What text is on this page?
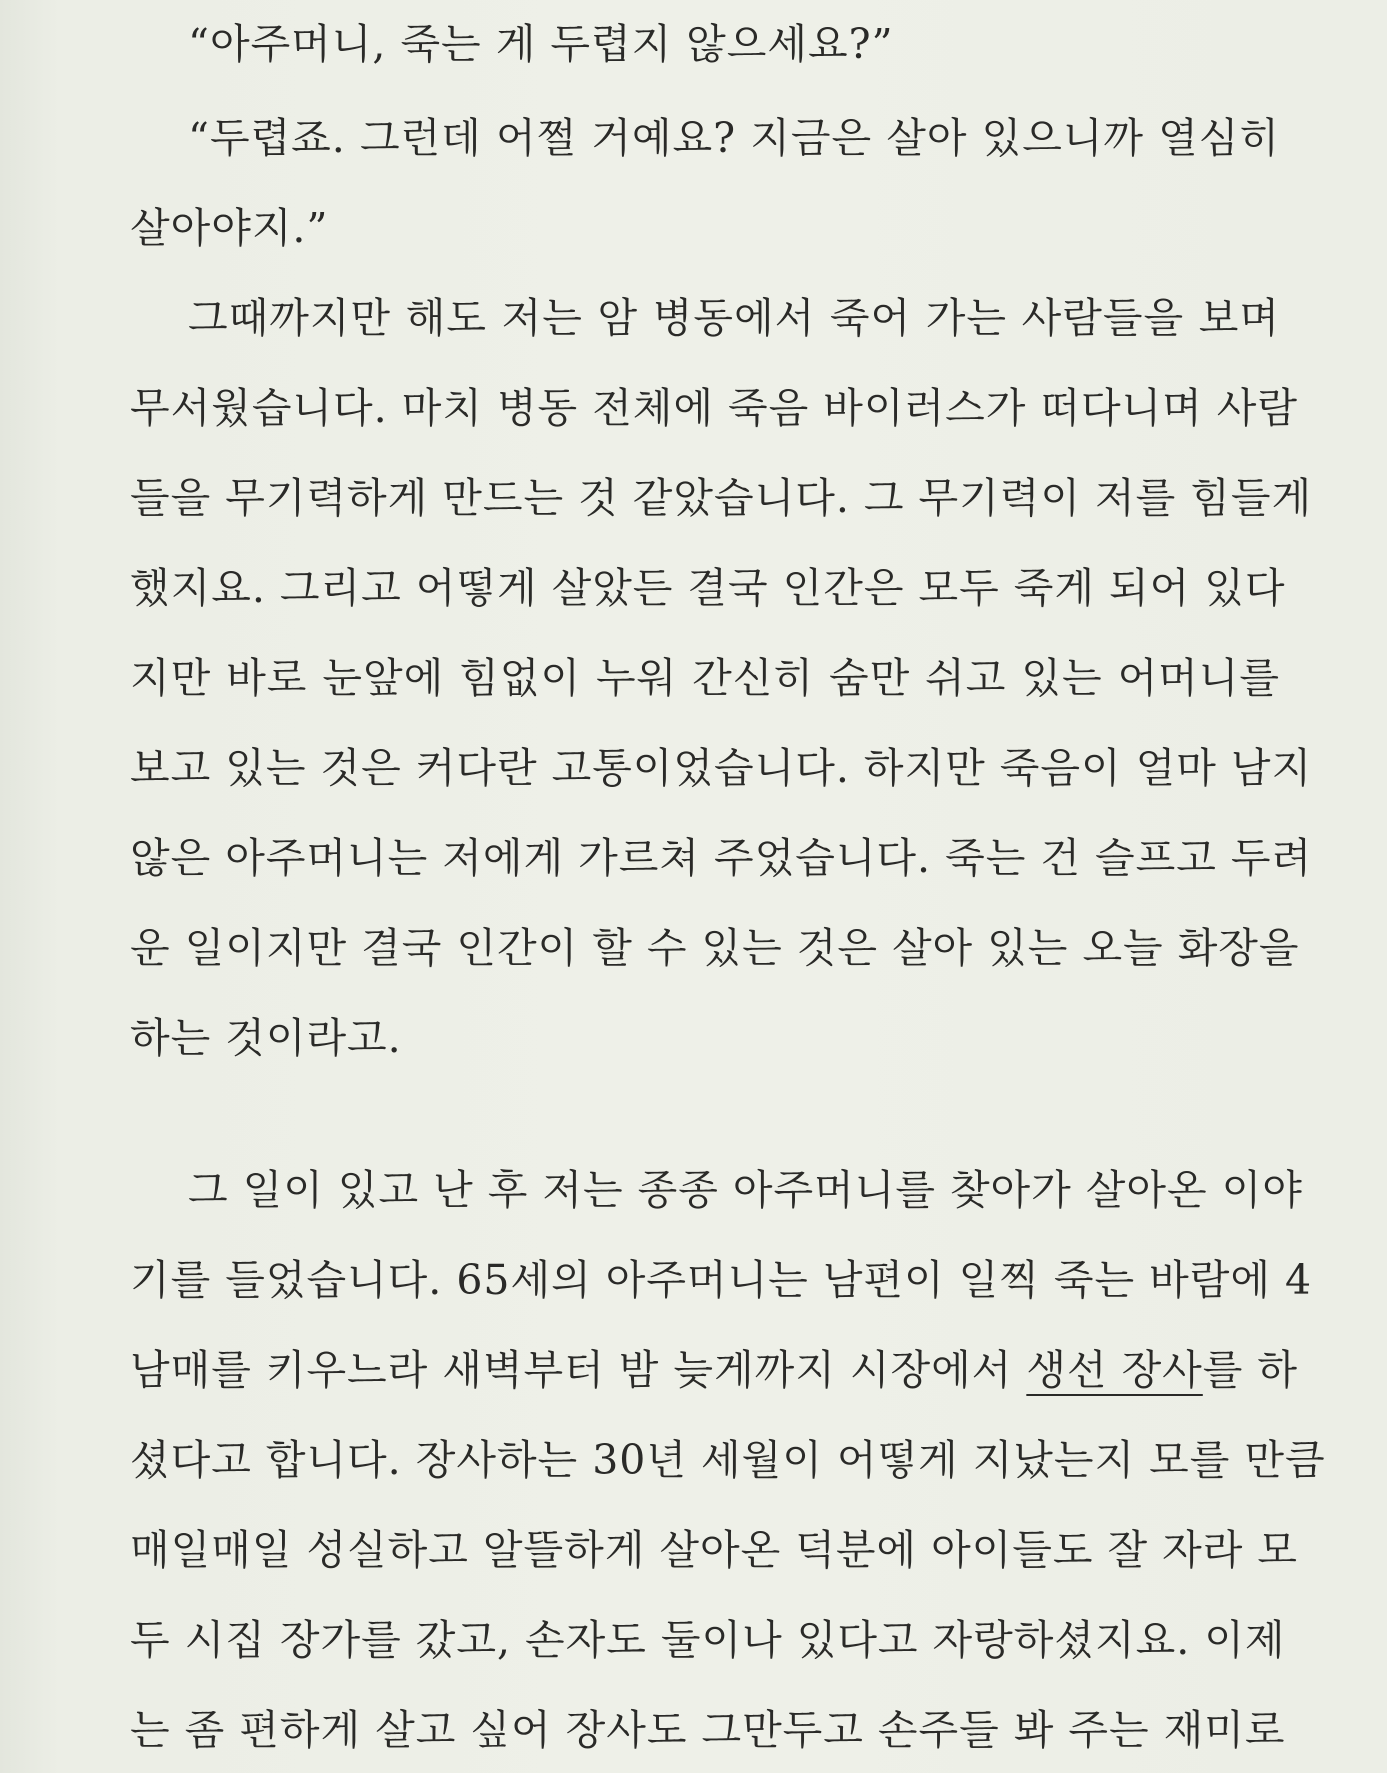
“아주머니, 죽는 게 두렵지 않으세요?”
“두렵죠. 그런데 어쩔 거예요? 지금은 살아 있으니까 열심히
살아야지.”
그때까지만 해도 저는 암 병동에서 죽어 가는 사람들을 보며
무서웠습니다. 마치 병동 전체에 죽음 바이러스가 떠다니며 사람
들을 무기력하게 만드는 것 같았습니다. 그 무기력이 저를 힘들게
했지요. 그리고 어떻게 살았든 결국 인간은 모두 죽게 되어 있다
지만 바로 눈앞에 힘없이 누워 간신히 숨만 쉬고 있는 어머니를
보고 있는 것은 커다란 고통이었습니다. 하지만 죽음이 얼마 남지
않은 아주머니는 저에게 가르쳐 주었습니다. 죽는 건 슬프고 두려
운 일이지만 결국 인간이 할 수 있는 것은 살아 있는 오늘 화장을
하는 것이라고.
그 일이 있고 난 후 저는 종종 아주머니를 찾아가 살아온 이야
기를 들었습니다. 65세의 아주머니는 남편이 일찍 죽는 바람에 4
남매를 키우느라 새벽부터 밤 늦게까지 시장에서 생선 장사를 하
셨다고 합니다. 장사하는 30년 세월이 어떻게 지났는지 모를 만큼
매일매일 성실하고 알뜰하게 살아온 덕분에 아이들도 잘 자라 모
두 시집 장가를 갔고, 손자도 둘이나 있다고 자랑하셨지요. 이제
는 좀 편하게 살고 싶어 장사도 그만두고 손주들 봐 주는 재미로
